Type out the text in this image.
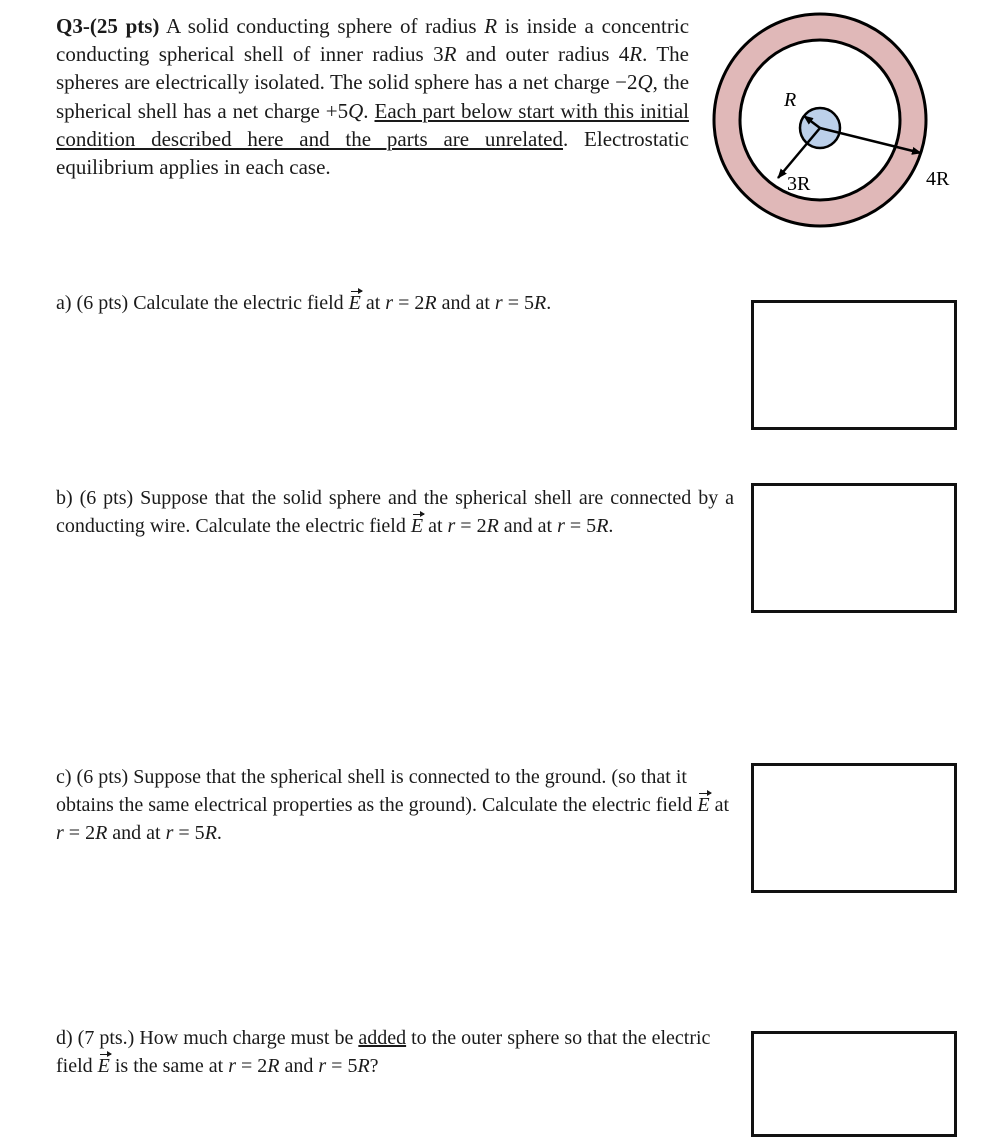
Q3-(25 pts) A solid conducting sphere of radius R is inside a concentric conducting spherical shell of inner radius 3R and outer radius 4R. The spheres are electrically isolated. The solid sphere has a net charge −2Q, the spherical shell has a net charge +5Q. Each part below start with this initial condition described here and the parts are unrelated. Electrostatic equilibrium applies in each case.
R
3R	4R
a) (6 pts) Calculate the electric field E at r = 2R and at r = 5R.
b) (6 pts) Suppose that the solid sphere and the spherical shell are connected by a conducting wire. Calculate the electric field E at r = 2R and at r = 5R.
c) (6 pts) Suppose that the spherical shell is connected to the ground. (so that it obtains the same electrical properties as the ground). Calculate the electric field E at r = 2R and at r = 5R.
d) (7 pts.) How much charge must be added to the outer sphere so that the electric field E is the same at r = 2R and r = 5R?
